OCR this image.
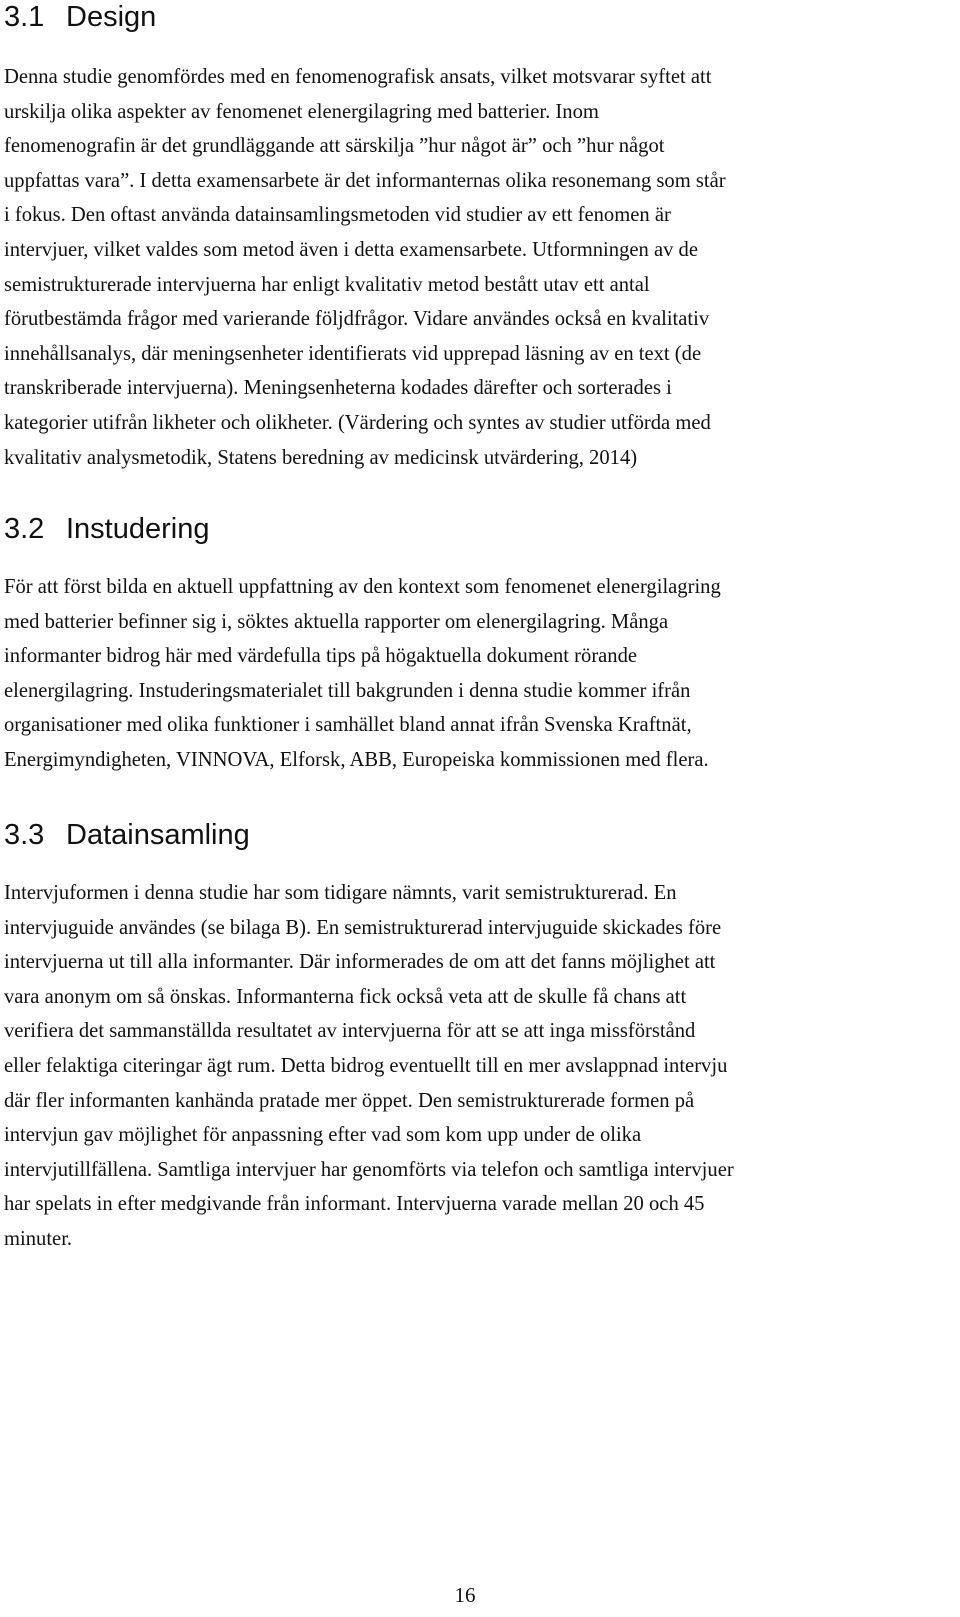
3.1 Design

Denna studie genomfördes med en fenomenografisk ansats, vilket motsvarar syftet att
urskilja olika aspekter av fenomenet elenergilagring med batterier. Inom
fenomenografin är det grundläggande att särskilja ”hur något är” och ”hur något
uppfattas vara”. I detta examensarbete är det informanternas olika resonemang som står
i fokus. Den oftast använda datainsamlingsmetoden vid studier av ett fenomen är
intervjuer, vilket valdes som metod även i detta examensarbete. Utformningen av de
semistrukturerade intervjuerna har enligt kvalitativ metod bestått utav ett antal
förutbestämda frågor med varierande följdfrågor. Vidare användes också en kvalitativ
innehållsanalys, där meningsenheter identifierats vid upprepad läsning av en text (de
transkriberade intervjuerna). Meningsenheterna kodades därefter och sorterades i
kategorier utifrån likheter och olikheter. (Värdering och syntes av studier utförda med
kvalitativ analysmetodik, Statens beredning av medicinsk utvärdering, 2014)

3.2 Instudering

För att först bilda en aktuell uppfattning av den kontext som fenomenet elenergilagring
med batterier befinner sig i, söktes aktuella rapporter om elenergilagring. Många
informanter bidrog här med värdefulla tips på högaktuella dokument rörande
elenergilagring. Instuderingsmaterialet till bakgrunden i denna studie kommer ifrån
organisationer med olika funktioner i samhället bland annat ifrån Svenska Kraftnät,
Energimyndigheten, VINNOVA, Elforsk, ABB, Europeiska kommissionen med flera.

3.3 Datainsamling

Intervjuformen i denna studie har som tidigare nämnts, varit semistrukturerad. En
intervjuguide användes (se bilaga B). En semistrukturerad intervjuguide skickades före
intervjuerna ut till alla informanter. Där informerades de om att det fanns möjlighet att
vara anonym om så önskas. Informanterna fick också veta att de skulle få chans att
verifiera det sammanställda resultatet av intervjuerna för att se att inga missförstånd
eller felaktiga citeringar ägt rum. Detta bidrog eventuellt till en mer avslappnad intervju
där fler informanten kanhända pratade mer öppet. Den semistrukturerade formen på
intervjun gav möjlighet för anpassning efter vad som kom upp under de olika
intervjutillfällena. Samtliga intervjuer har genomförts via telefon och samtliga intervjuer
har spelats in efter medgivande från informant. Intervjuerna varade mellan 20 och 45
minuter.

16
